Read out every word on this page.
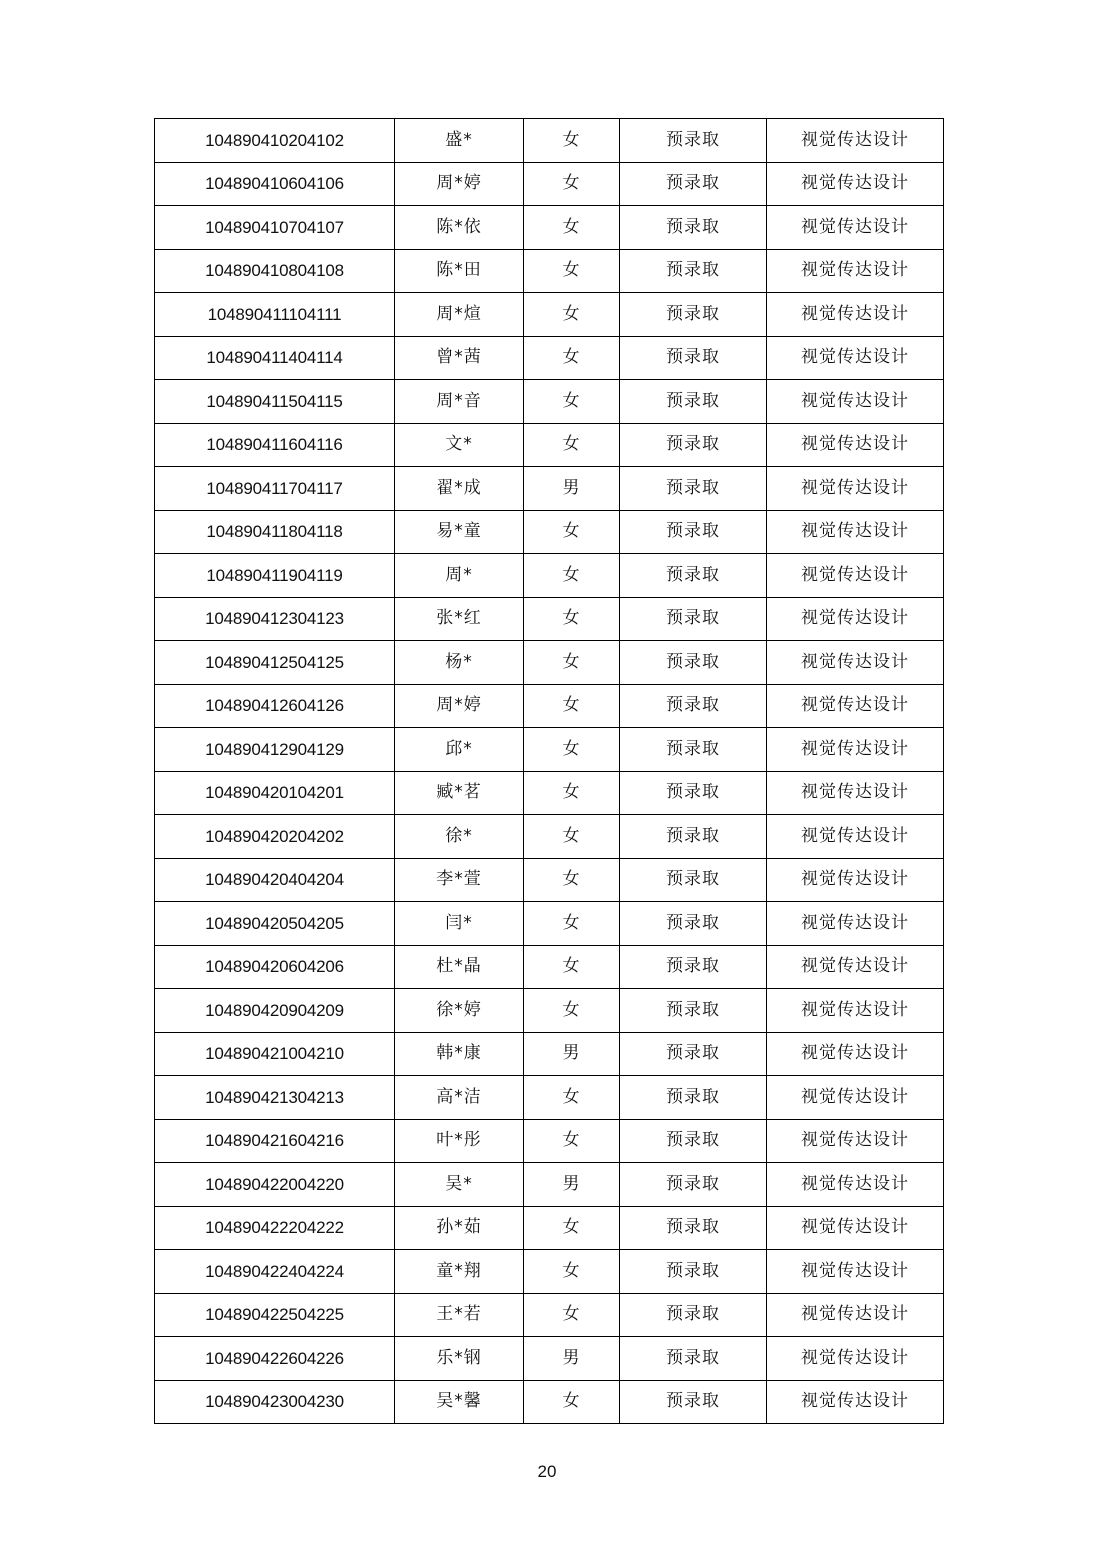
104890410204102	盛*	女	预录取	视觉传达设计
104890410604106	周*婷	女	预录取	视觉传达设计
104890410704107	陈*依	女	预录取	视觉传达设计
104890410804108	陈*田	女	预录取	视觉传达设计
104890411104111	周*煊	女	预录取	视觉传达设计
104890411404114	曾*茜	女	预录取	视觉传达设计
104890411504115	周*音	女	预录取	视觉传达设计
104890411604116	文*	女	预录取	视觉传达设计
104890411704117	翟*成	男	预录取	视觉传达设计
104890411804118	易*童	女	预录取	视觉传达设计
104890411904119	周*	女	预录取	视觉传达设计
104890412304123	张*红	女	预录取	视觉传达设计
104890412504125	杨*	女	预录取	视觉传达设计
104890412604126	周*婷	女	预录取	视觉传达设计
104890412904129	邱*	女	预录取	视觉传达设计
104890420104201	臧*茗	女	预录取	视觉传达设计
104890420204202	徐*	女	预录取	视觉传达设计
104890420404204	李*萱	女	预录取	视觉传达设计
104890420504205	闫*	女	预录取	视觉传达设计
104890420604206	杜*晶	女	预录取	视觉传达设计
104890420904209	徐*婷	女	预录取	视觉传达设计
104890421004210	韩*康	男	预录取	视觉传达设计
104890421304213	高*洁	女	预录取	视觉传达设计
104890421604216	叶*彤	女	预录取	视觉传达设计
104890422004220	吴*	男	预录取	视觉传达设计
104890422204222	孙*茹	女	预录取	视觉传达设计
104890422404224	童*翔	女	预录取	视觉传达设计
104890422504225	王*若	女	预录取	视觉传达设计
104890422604226	乐*钢	男	预录取	视觉传达设计
104890423004230	吴*馨	女	预录取	视觉传达设计
20
